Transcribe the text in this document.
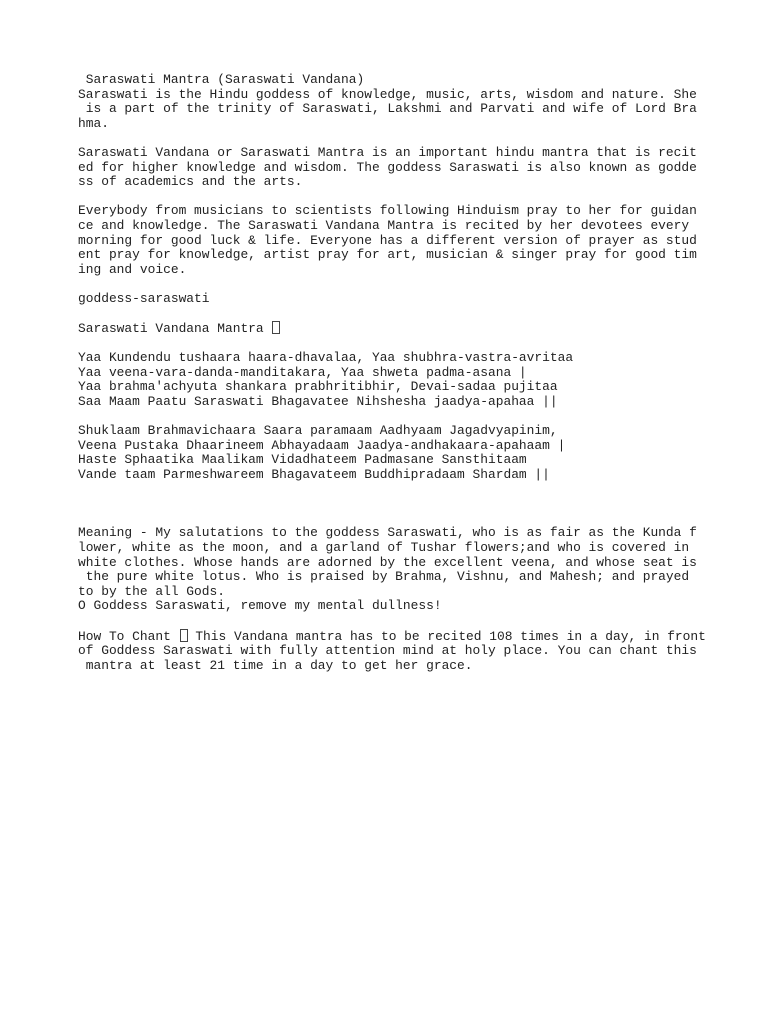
Saraswati Mantra (Saraswati Vandana)
Saraswati is the Hindu goddess of knowledge, music, arts, wisdom and nature. She
is a part of the trinity of Saraswati, Lakshmi and Parvati and wife of Lord Bra
hma.
Saraswati Vandana or Saraswati Mantra is an important hindu mantra that is recit
ed for higher knowledge and wisdom. The goddess Saraswati is also known as godde
ss of academics and the arts.
Everybody from musicians to scientists following Hinduism pray to her for guidan
ce and knowledge. The Saraswati Vandana Mantra is recited by her devotees every
morning for good luck & life. Everyone has a different version of prayer as stud
ent pray for knowledge, artist pray for art, musician & singer pray for good tim
ing and voice.
goddess-saraswati
Saraswati Vandana Mantra
Yaa Kundendu tushaara haara-dhavalaa, Yaa shubhra-vastra-avritaa
Yaa veena-vara-danda-manditakara, Yaa shweta padma-asana |
Yaa brahma'achyuta shankara prabhritibhir, Devai-sadaa pujitaa
Saa Maam Paatu Saraswati Bhagavatee Nihshesha jaadya-apahaa ||
Shuklaam Brahmavichaara Saara paramaam Aadhyaam Jagadvyapinim,
Veena Pustaka Dhaarineem Abhayadaam Jaadya-andhakaara-apahaam |
Haste Sphaatika Maalikam Vidadhateem Padmasane Sansthitaam
Vande taam Parmeshwareem Bhagavateem Buddhipradaam Shardam ||
Meaning - My salutations to the goddess Saraswati, who is as fair as the Kunda f
lower, white as the moon, and a garland of Tushar flowers;and who is covered in
white clothes. Whose hands are adorned by the excellent veena, and whose seat is
the pure white lotus. Who is praised by Brahma, Vishnu, and Mahesh; and prayed
to by the all Gods.
O Goddess Saraswati, remove my mental dullness!
How To Chant  This Vandana mantra has to be recited 108 times in a day, in front
of Goddess Saraswati with fully attention mind at holy place. You can chant this
mantra at least 21 time in a day to get her grace.
